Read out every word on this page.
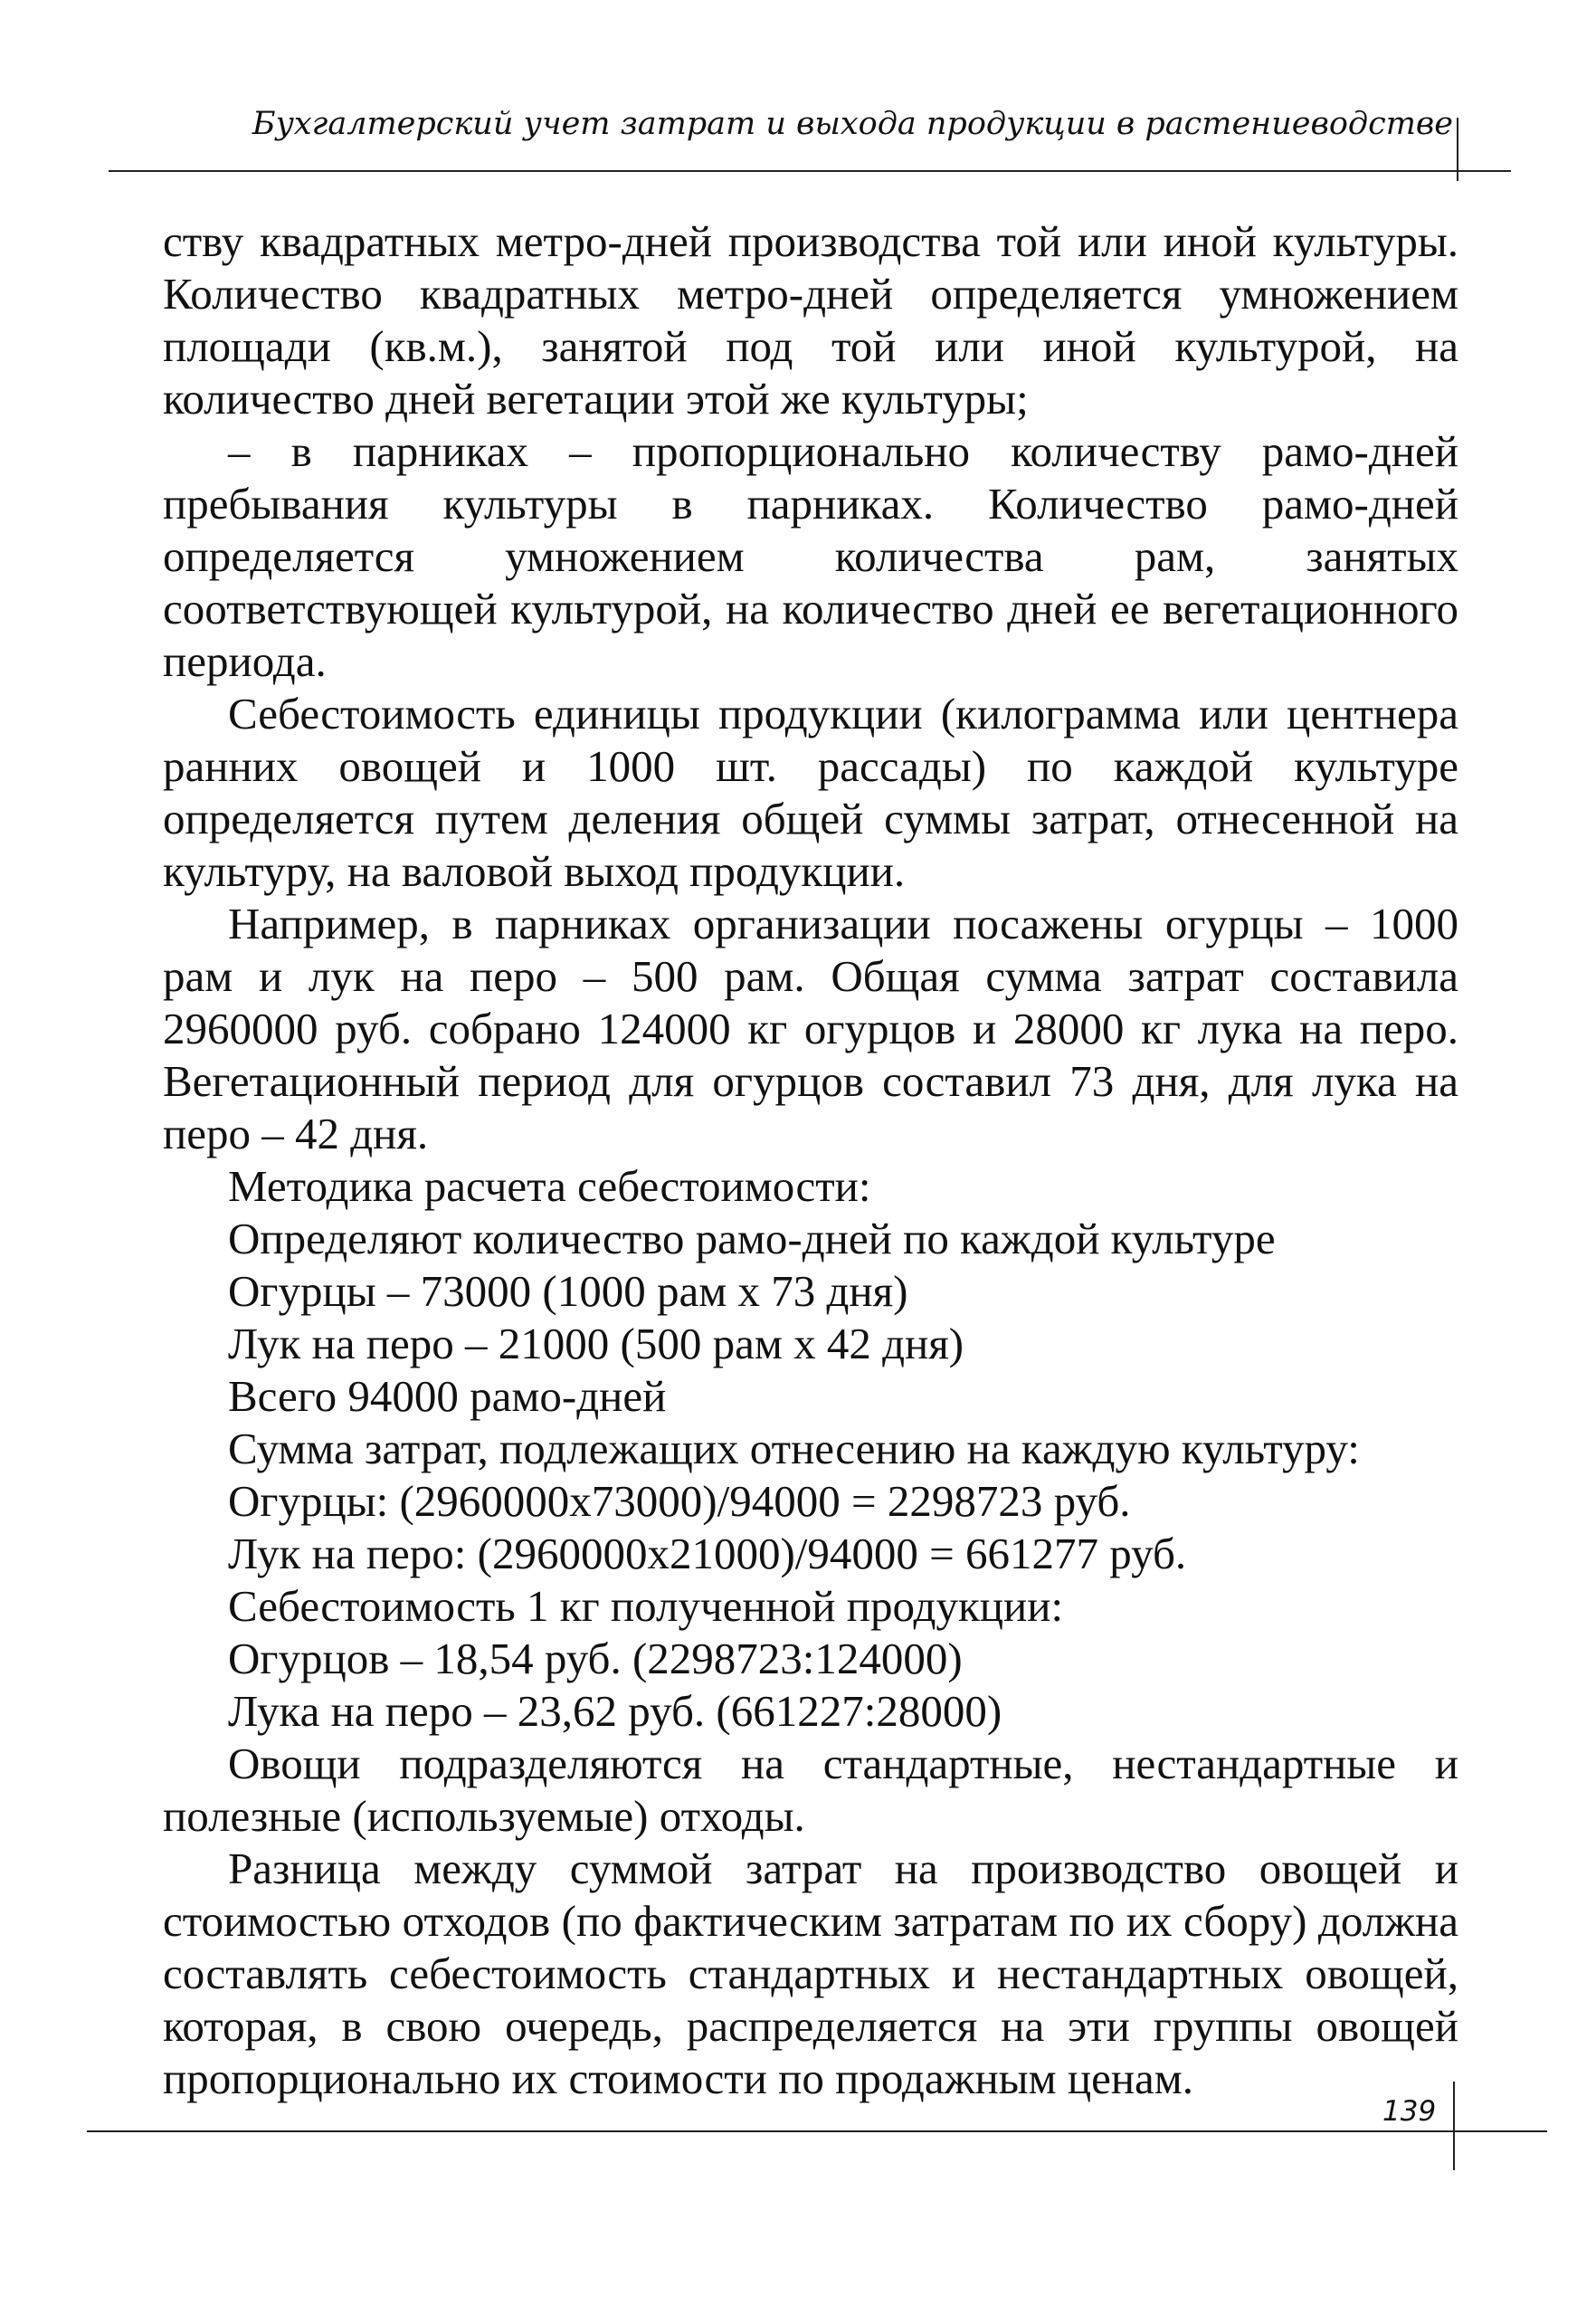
Бухгалтерский учет затрат и выхода продукции в растениеводстве

ству квадратных метро-дней производства той или иной культуры. Количество квадратных метро-дней определяется умножением площади (кв.м.), занятой под той или иной культурой, на количество дней вегетации этой же культуры;

– в парниках – пропорционально количеству рамо-дней пребывания культуры в парниках. Количество рамо-дней определяется умножением количества рам, занятых соответствующей культурой, на количество дней ее вегетационного периода.

Себестоимость единицы продукции (килограмма или центнера ранних овощей и 1000 шт. рассады) по каждой культуре определяется путем деления общей суммы затрат, отнесенной на культуру, на валовой выход продукции.

Например, в парниках организации посажены огурцы – 1000 рам и лук на перо – 500 рам. Общая сумма затрат составила 2960000 руб. собрано 124000 кг огурцов и 28000 кг лука на перо. Вегетационный период для огурцов составил 73 дня, для лука на перо – 42 дня.

Методика расчета себестоимости:

Определяют количество рамо-дней по каждой культуре

Огурцы – 73000 (1000 рам х 73 дня)

Лук на перо – 21000 (500 рам х 42 дня)

Всего 94000 рамо-дней

Сумма затрат, подлежащих отнесению на каждую культуру:

Огурцы: (2960000х73000)/94000 = 2298723 руб.

Лук на перо: (2960000х21000)/94000 = 661277 руб.

Себестоимость 1 кг полученной продукции:

Огурцов – 18,54 руб. (2298723:124000)

Лука на перо – 23,62 руб. (661227:28000)

Овощи подразделяются на стандартные, нестандартные и полезные (используемые) отходы.

Разница между суммой затрат на производство овощей и стоимостью отходов (по фактическим затратам по их сбору) должна составлять себестоимость стандартных и нестандартных овощей, которая, в свою очередь, распределяется на эти группы овощей пропорционально их стоимости по продажным ценам.

139
